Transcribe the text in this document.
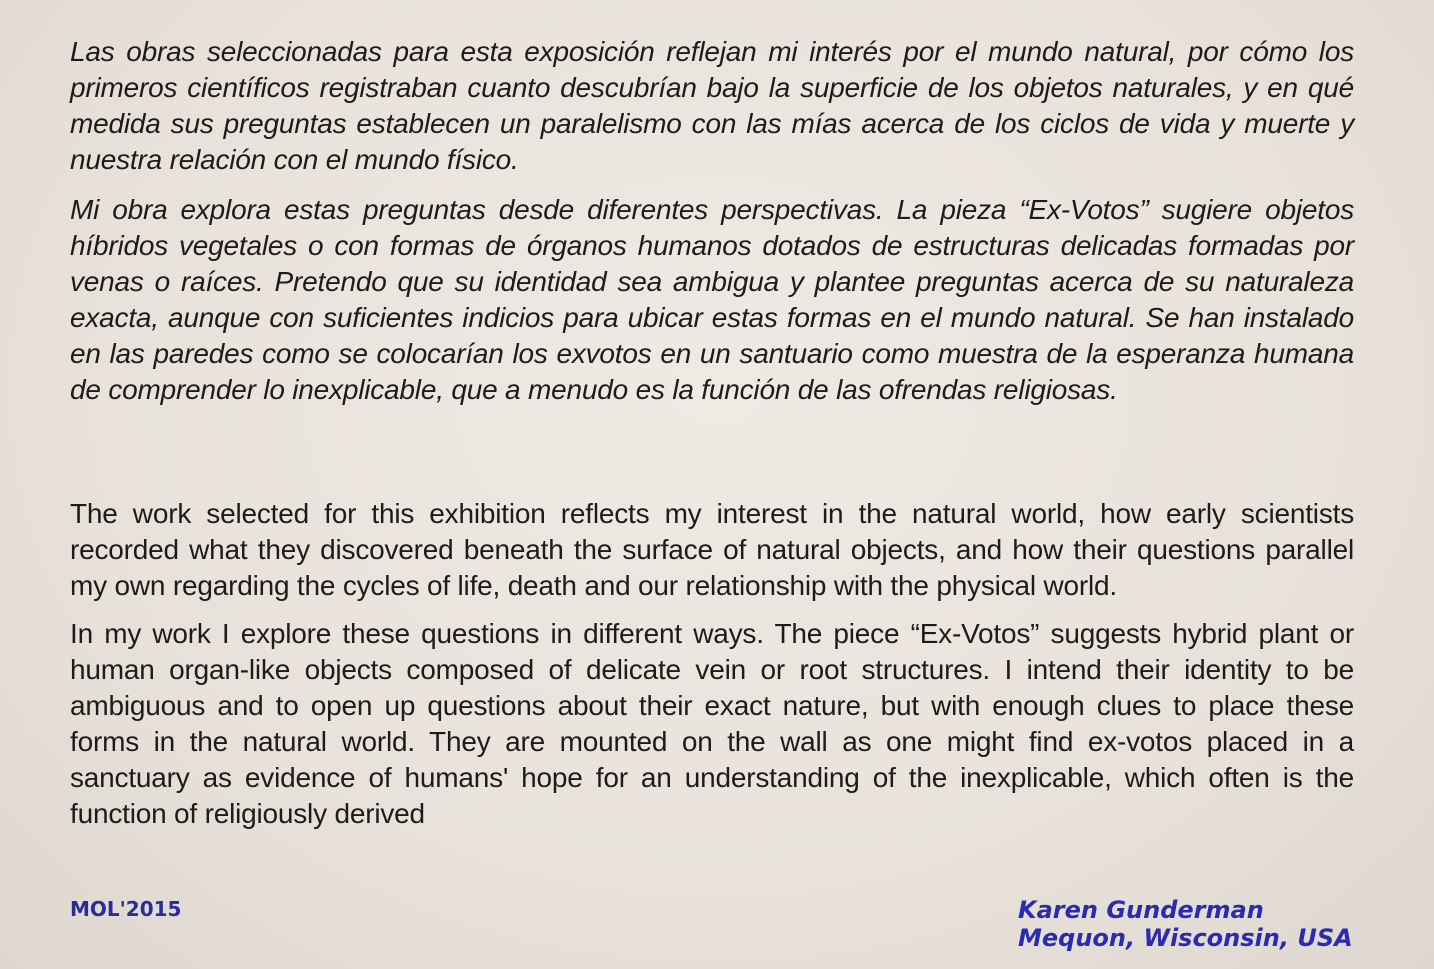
Las obras seleccionadas para esta exposición reflejan mi interés por el mundo natural, por cómo los primeros científicos registraban cuanto descubrían bajo la superficie de los objetos naturales, y en qué medida sus preguntas establecen un paralelismo con las mías acerca de los ciclos de vida y muerte y nuestra relación con el mundo físico.

Mi obra explora estas preguntas desde diferentes perspectivas. La pieza “Ex-Votos” sugiere objetos híbridos vegetales o con formas de órganos humanos dotados de estructuras delicadas formadas por venas o raíces. Pretendo que su identidad sea ambigua y plantee preguntas acerca de su naturaleza exacta, aunque con suficientes indicios para ubicar estas formas en el mundo natural. Se han instalado en las paredes como se colocarían los exvotos en un santuario como muestra de la esperanza humana de comprender lo inexplicable, que a menudo es la función de las ofrendas religiosas.

The work selected for this exhibition reflects my interest in the natural world, how early scientists recorded what they discovered beneath the surface of natural objects, and how their questions parallel my own regarding the cycles of life, death and our relationship with the physical world.

In my work I explore these questions in different ways. The piece “Ex-Votos” suggests hybrid plant or human organ-like objects composed of delicate vein or root structures. I intend their identity to be ambiguous and to open up questions about their exact nature, but with enough clues to place these forms in the natural world. They are mounted on the wall as one might find ex-votos placed in a sanctuary as evidence of humans' hope for an understanding of the inexplicable, which often is the function of religiously derived

MOL'2015	Karen Gunderman
Mequon, Wisconsin, USA
